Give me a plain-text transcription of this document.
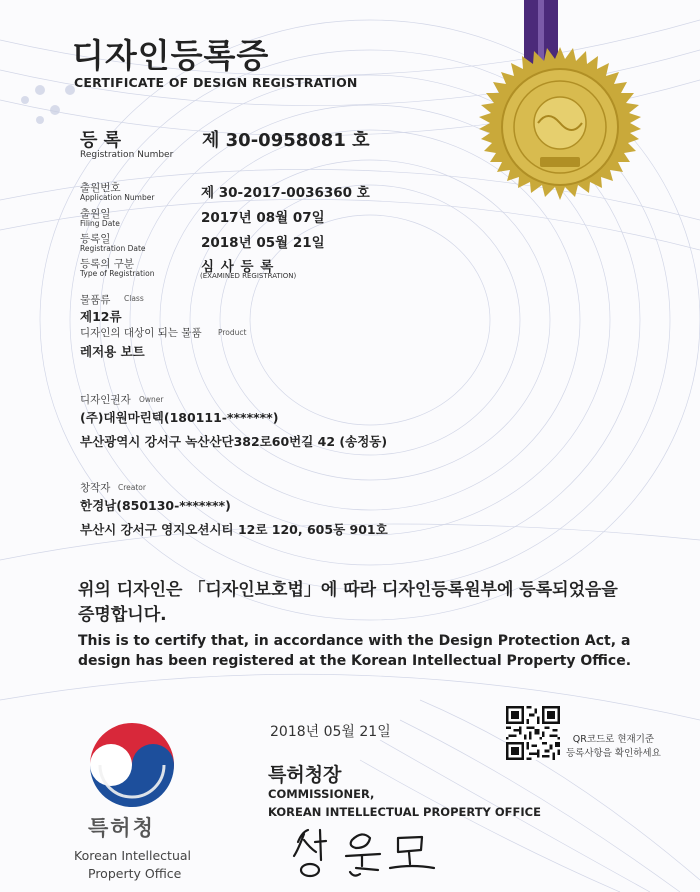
디자인등록증
CERTIFICATE OF DESIGN REGISTRATION
등 록
Registration Number
제 30-0958081 호
출원번호
Application Number	제 30-2017-0036360 호
출원일
Filing Date	2017년 08월 07일
등록일
Registration Date	2018년 05월 21일
등록의 구분
Type of Registration	심 사 등 록
(EXAMINED REGISTRATION)
물품류 Class
제12류
디자인의 대상이 되는 물품 Product
레저용 보트
디자인권자 Owner
(주)대원마린텍(180111-*******)
부산광역시 강서구 녹산산단382로60번길 42 (송정동)
창작자 Creator
한경남(850130-*******)
부산시 강서구 영지오션시티 12로 120, 605동 901호
위의 디자인은 「디자인보호법」에 따라 디자인등록원부에 등록되었음을 증명합니다.
This is to certify that, in accordance with the Design Protection Act, a design has been registered at the Korean Intellectual Property Office.
2018년 05월 21일	QR코드로 현재기준
등록사항을 확인하세요
특허청장
COMMISSIONER,
KOREAN INTELLECTUAL PROPERTY OFFICE
특허청
Korean Intellectual
Property Office
